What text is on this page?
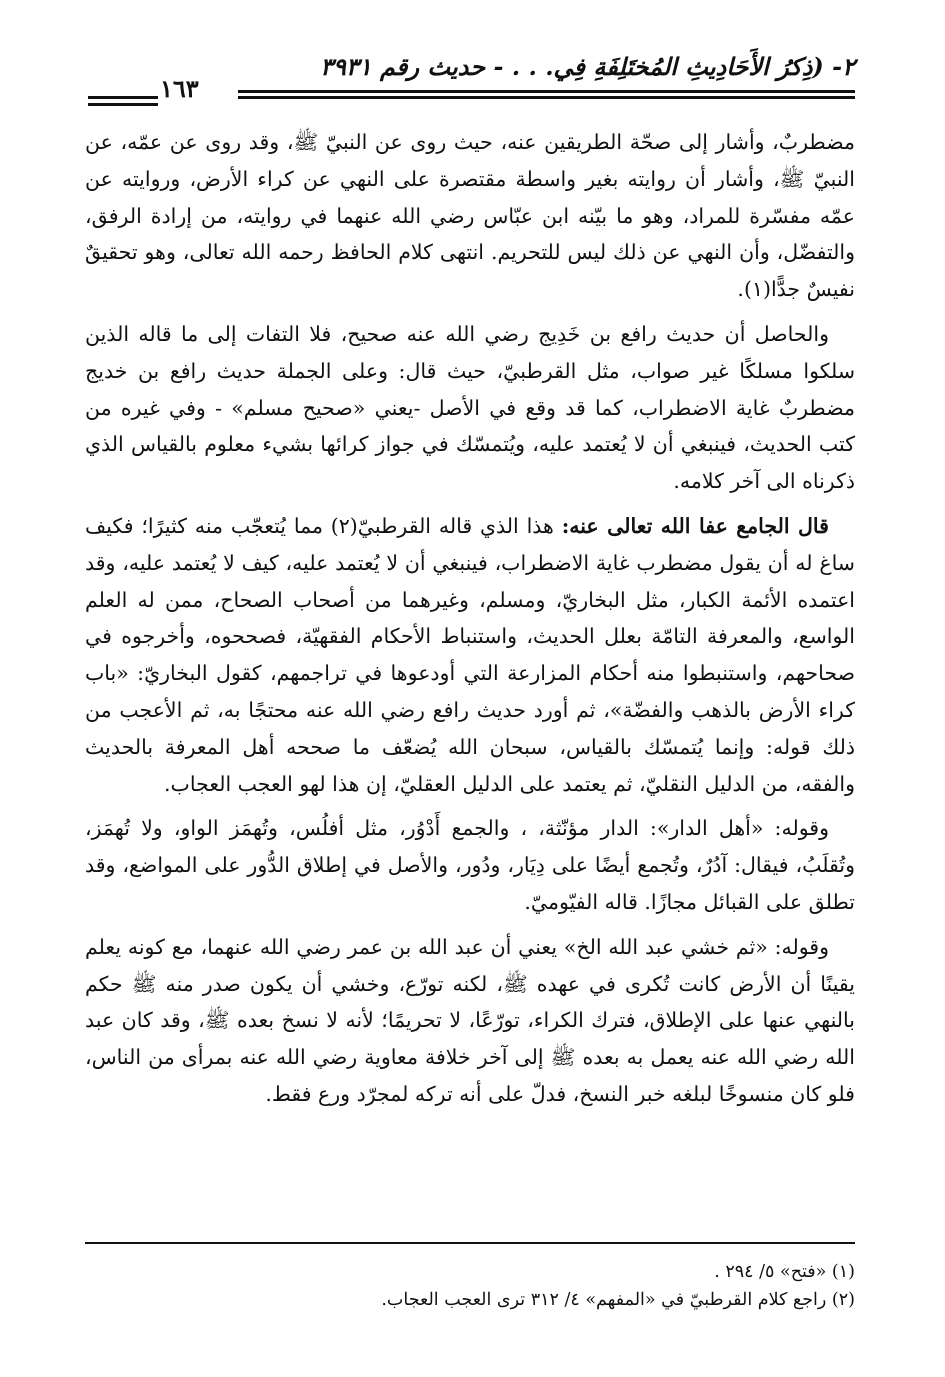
٢- (ذِكرُ الأَحَادِيثِ المُختَلِفَةِ فِي. . . - حديث رقم ٣٩٣١
١٦٣

مضطربٌ، وأشار إلى صحّة الطريقين عنه، حيث روى عن النبيّ ﷺ، وقد روى عن عمّه، عن النبيّ ﷺ، وأشار أن روايته بغير واسطة مقتصرة على النهي عن كراء الأرض، وروايته عن عمّه مفسّرة للمراد، وهو ما بيّنه ابن عبّاس رضي الله عنهما في روايته، من إرادة الرفق، والتفضّل، وأن النهي عن ذلك ليس للتحريم. انتهى كلام الحافظ رحمه الله تعالى، وهو تحقيقٌ نفيسٌ جدًّا(١).

والحاصل أن حديث رافع بن خَدِيج رضي الله عنه صحيح، فلا التفات إلى ما قاله الذين سلكوا مسلكًا غير صواب، مثل القرطبيّ، حيث قال: وعلى الجملة حديث رافع بن خديج مضطربٌ غاية الاضطراب، كما قد وقع في الأصل -يعني «صحيح مسلم» - وفي غيره من كتب الحديث، فينبغي أن لا يُعتمد عليه، ويُتمسّك في جواز كرائها بشيء معلوم بالقياس الذي ذكرناه الى آخر كلامه.

قال الجامع عفا الله تعالى عنه: هذا الذي قاله القرطبيّ(٢) مما يُتعجّب منه كثيرًا؛ فكيف ساغ له أن يقول مضطرب غاية الاضطراب، فينبغي أن لا يُعتمد عليه، كيف لا يُعتمد عليه، وقد اعتمده الأئمة الكبار، مثل البخاريّ، ومسلم، وغيرهما من أصحاب الصحاح، ممن له العلم الواسع، والمعرفة التامّة بعلل الحديث، واستنباط الأحكام الفقهيّة، فصححوه، وأخرجوه في صحاحهم، واستنبطوا منه أحكام المزارعة التي أودعوها في تراجمهم، كقول البخاريّ: «باب كراء الأرض بالذهب والفضّة»، ثم أورد حديث رافع رضي الله عنه محتجًا به، ثم الأعجب من ذلك قوله: وإنما يُتمسّك بالقياس، سبحان الله يُضعّف ما صححه أهل المعرفة بالحديث والفقه، من الدليل النقليّ، ثم يعتمد على الدليل العقليّ، إن هذا لهو العجب العجاب.

وقوله: «أهل الدار»: الدار مؤنّثة، ، والجمع أَدْوُر، مثل أفلُس، وتُهمَز الواو، ولا تُهمَز، وتُقلَبُ، فيقال: آدُرٌ، وتُجمع أيضًا على دِيَار، ودُور، والأصل في إطلاق الدُّور على المواضع، وقد تطلق على القبائل مجازًا. قاله الفيّوميّ.

وقوله: «ثم خشي عبد الله الخ» يعني أن عبد الله بن عمر رضي الله عنهما، مع كونه يعلم يقينًا أن الأرض كانت تُكرى في عهده ﷺ، لكنه تورّع، وخشي أن يكون صدر منه ﷺ حكم بالنهي عنها على الإطلاق، فترك الكراء، تورّعًا، لا تحريمًا؛ لأنه لا نسخ بعده ﷺ، وقد كان عبد الله رضي الله عنه يعمل به بعده ﷺ إلى آخر خلافة معاوية رضي الله عنه بمرأى من الناس، فلو كان منسوخًا لبلغه خبر النسخ، فدلّ على أنه تركه لمجرّد ورع فقط.

(١) «فتح» ٥/ ٢٩٤ .

(٢) راجع كلام القرطبيّ في «المفهم» ٤/ ٣١٢ ترى العجب العجاب.
